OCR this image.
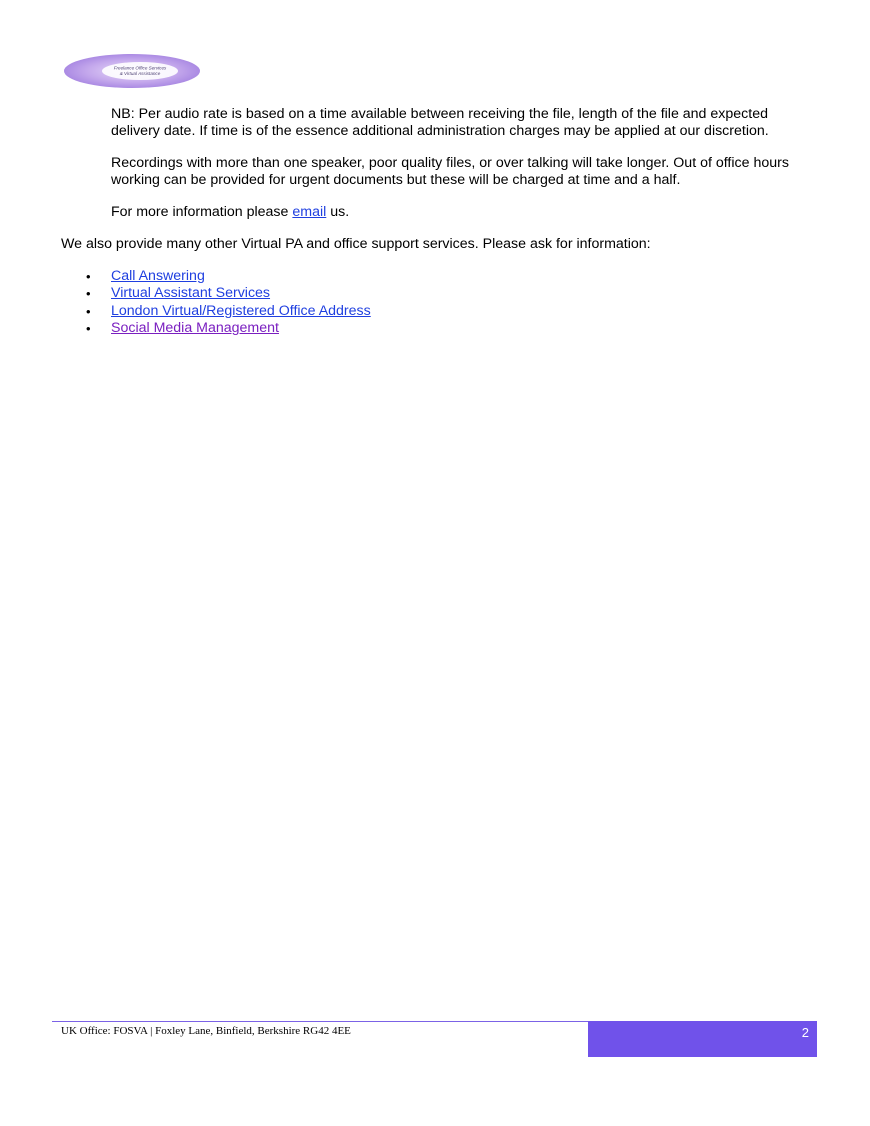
Freelance Office Services
& Virtual Assistance
NB: Per audio rate is based on a time available between receiving the file, length of the file and expected
delivery date. If time is of the essence additional administration charges may be applied at our discretion.
Recordings with more than one speaker, poor quality files, or over talking will take longer. Out of office hours
working can be provided for urgent documents but these will be charged at time and a half.
For more information please email us.
We also provide many other Virtual PA and office support services. Please ask for information:
•	Call Answering
•	Virtual Assistant Services
•	London Virtual/Registered Office Address
•	Social Media Management
UK Office: FOSVA | Foxley Lane, Binfield, Berkshire RG42 4EE	2
